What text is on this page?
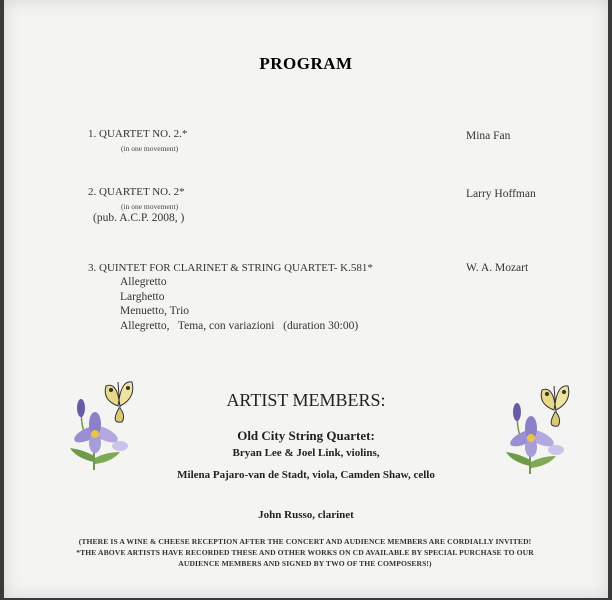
PROGRAM
1. QUARTET NO. 2.*
(in one movement)
Mina Fan
2. QUARTET NO. 2*
(in one movement)
(pub. A.C.P. 2008, )
Larry Hoffman
3. QUINTET FOR CLARINET & STRING QUARTET- K.581*	W. A. Mozart
Allegretto
Larghetto
Menuetto, Trio
Allegretto,   Tema, con variazioni   (duration 30:00)
ARTIST MEMBERS:
Old City String Quartet:
Bryan Lee & Joel Link, violins,
Milena Pajaro-van de Stadt, viola, Camden Shaw, cello
John Russo, clarinet
(THERE IS A WINE & CHEESE RECEPTION AFTER THE CONCERT AND AUDIENCE MEMBERS ARE CORDIALLY INVITED! *THE ABOVE ARTISTS HAVE RECORDED THESE AND OTHER WORKS ON CD AVAILABLE BY SPECIAL PURCHASE TO OUR AUDIENCE MEMBERS AND SIGNED BY TWO OF THE COMPOSERS!)
